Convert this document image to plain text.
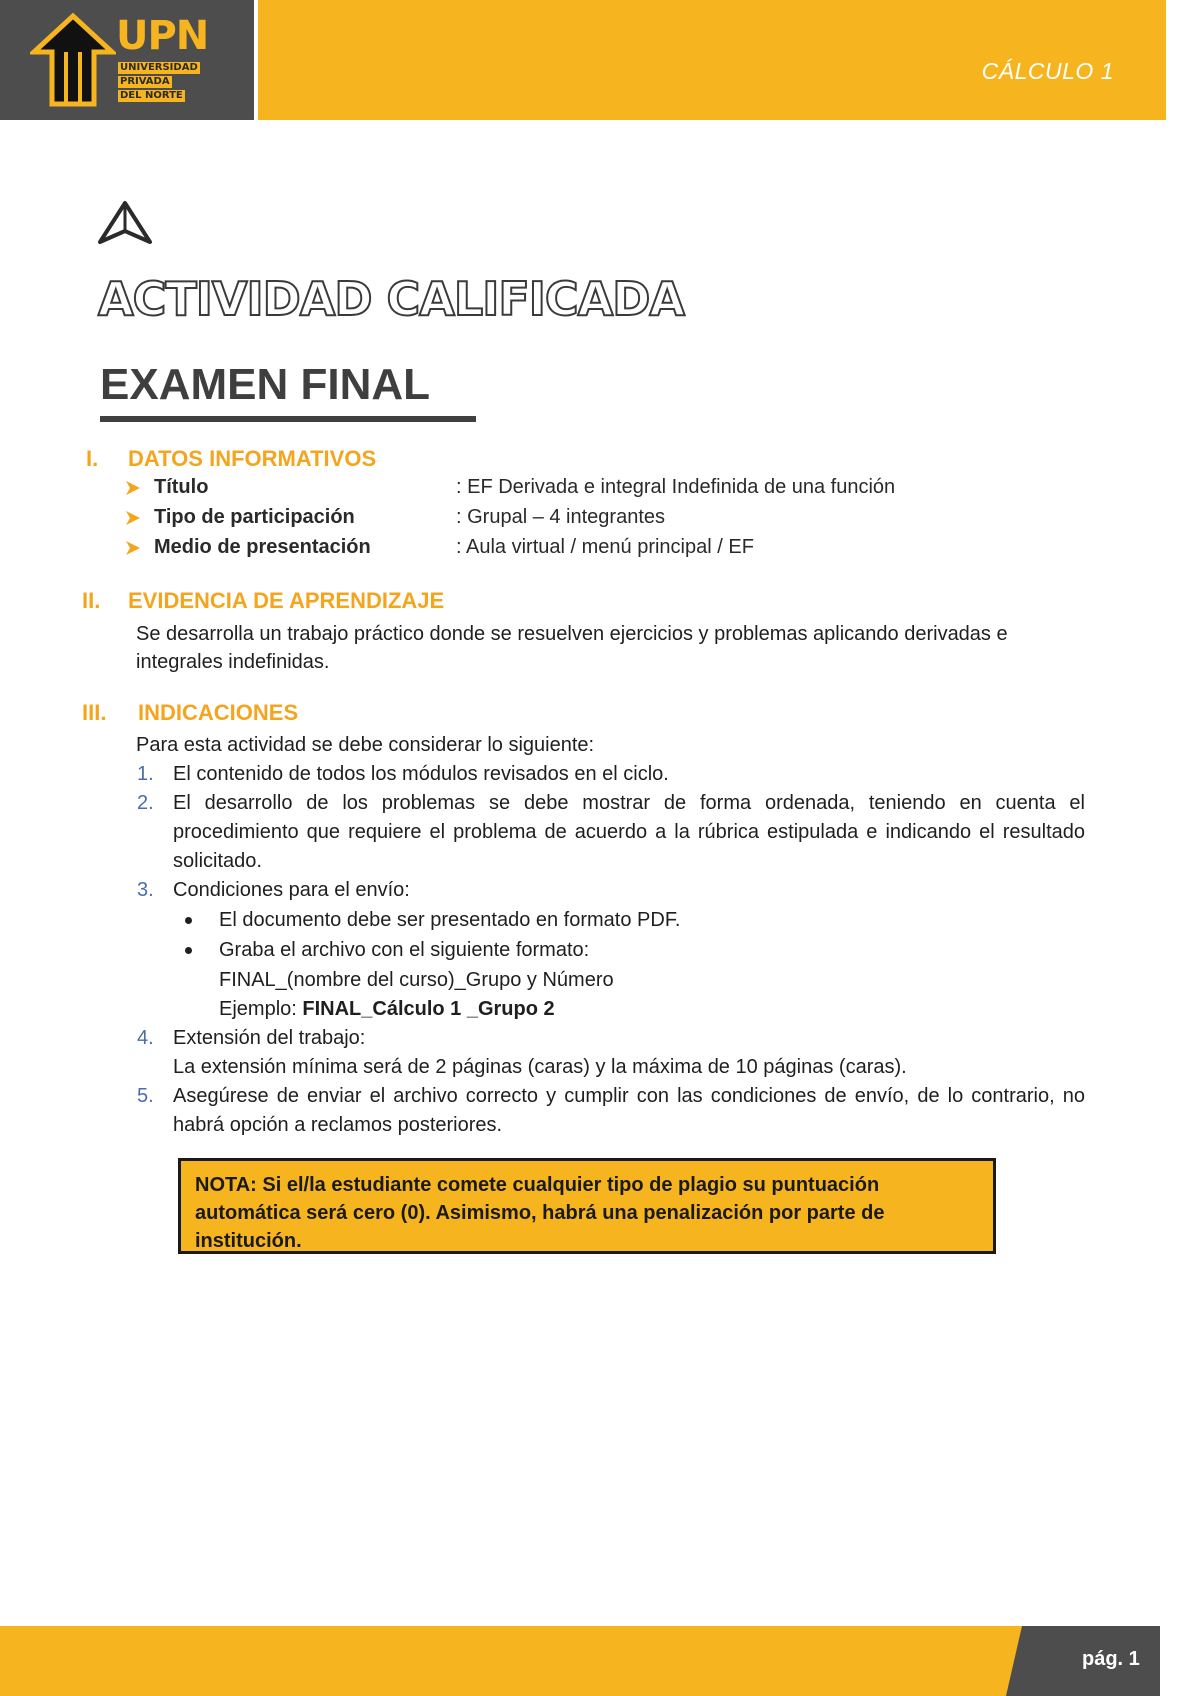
UPN
UNIVERSIDAD
PRIVADA
DEL NORTE
CÁLCULO 1
ACTIVIDAD CALIFICADA
EXAMEN FINAL
I. DATOS INFORMATIVOS
Título	: EF Derivada e integral Indefinida de una función
Tipo de participación	: Grupal – 4 integrantes
Medio de presentación	: Aula virtual / menú principal / EF
II. EVIDENCIA DE APRENDIZAJE
Se desarrolla un trabajo práctico donde se resuelven ejercicios y problemas aplicando derivadas e integrales indefinidas.
III. INDICACIONES
Para esta actividad se debe considerar lo siguiente:
1. El contenido de todos los módulos revisados en el ciclo.
2. El desarrollo de los problemas se debe mostrar de forma ordenada, teniendo en cuenta el procedimiento que requiere el problema de acuerdo a la rúbrica estipulada e indicando el resultado solicitado.
3. Condiciones para el envío:
El documento debe ser presentado en formato PDF.
Graba el archivo con el siguiente formato:
FINAL_(nombre del curso)_Grupo y Número
Ejemplo: FINAL_Cálculo 1 _Grupo 2
4. Extensión del trabajo:
La extensión mínima será de 2 páginas (caras) y la máxima de 10 páginas (caras).
5. Asegúrese de enviar el archivo correcto y cumplir con las condiciones de envío, de lo contrario, no habrá opción a reclamos posteriores.
NOTA: Si el/la estudiante comete cualquier tipo de plagio su puntuación automática será cero (0). Asimismo, habrá una penalización por parte de institución.
pág. 1
